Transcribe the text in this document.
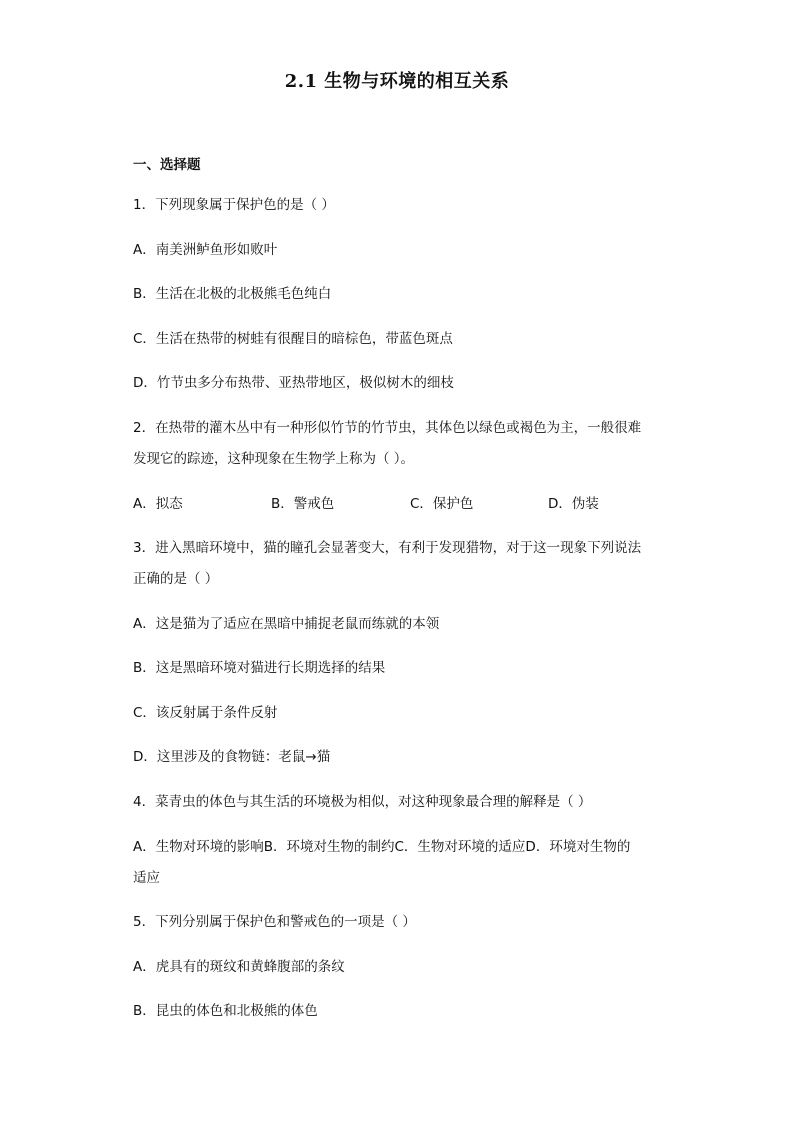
2.1 生物与环境的相互关系
一、选择题
1．下列现象属于保护色的是（ ）
A．南美洲鲈鱼形如败叶
B．生活在北极的北极熊毛色纯白
C．生活在热带的树蛙有很醒目的暗棕色，带蓝色斑点
D．竹节虫多分布热带、亚热带地区，极似树木的细枝
2．在热带的灌木丛中有一种形似竹节的竹节虫，其体色以绿色或褐色为主，一般很难
发现它的踪迹，这种现象在生物学上称为（ ）。
A．拟态	B．警戒色	C．保护色	D．伪装
3．进入黑暗环境中，猫的瞳孔会显著变大，有利于发现猎物，对于这一现象下列说法
正确的是（ ）
A．这是猫为了适应在黑暗中捕捉老鼠而练就的本领
B．这是黑暗环境对猫进行长期选择的结果
C．该反射属于条件反射
D．这里涉及的食物链：老鼠→猫
4．菜青虫的体色与其生活的环境极为相似，对这种现象最合理的解释是（ ）
A．生物对环境的影响B．环境对生物的制约C．生物对环境的适应D．环境对生物的
适应
5．下列分别属于保护色和警戒色的一项是（ ）
A．虎具有的斑纹和黄蜂腹部的条纹
B．昆虫的体色和北极熊的体色
